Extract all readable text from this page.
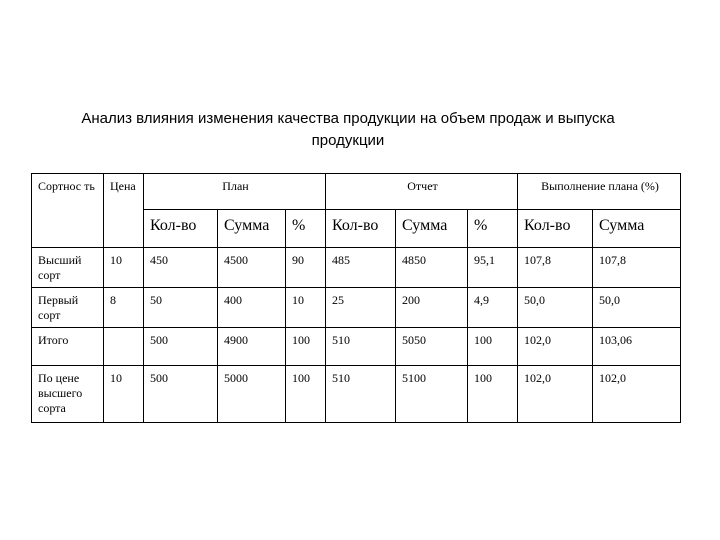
Анализ влияния изменения качества продукции на объем продаж и выпуска
продукции
Сортнос ть	Цена	План			Отчет			Выполнение плана (%)	
		Кол-во	Сумма	%	Кол-во	Сумма	%	Кол-во	Сумма
Высший сорт	10	450	4500	90	485	4850	95,1	107,8	107,8
Первый сорт	8	50	400	10	25	200	4,9	50,0	50,0
Итого		500	4900	100	510	5050	100	102,0	103,06
По цене высшего сорта	10	500	5000	100	510	5100	100	102,0	102,0
